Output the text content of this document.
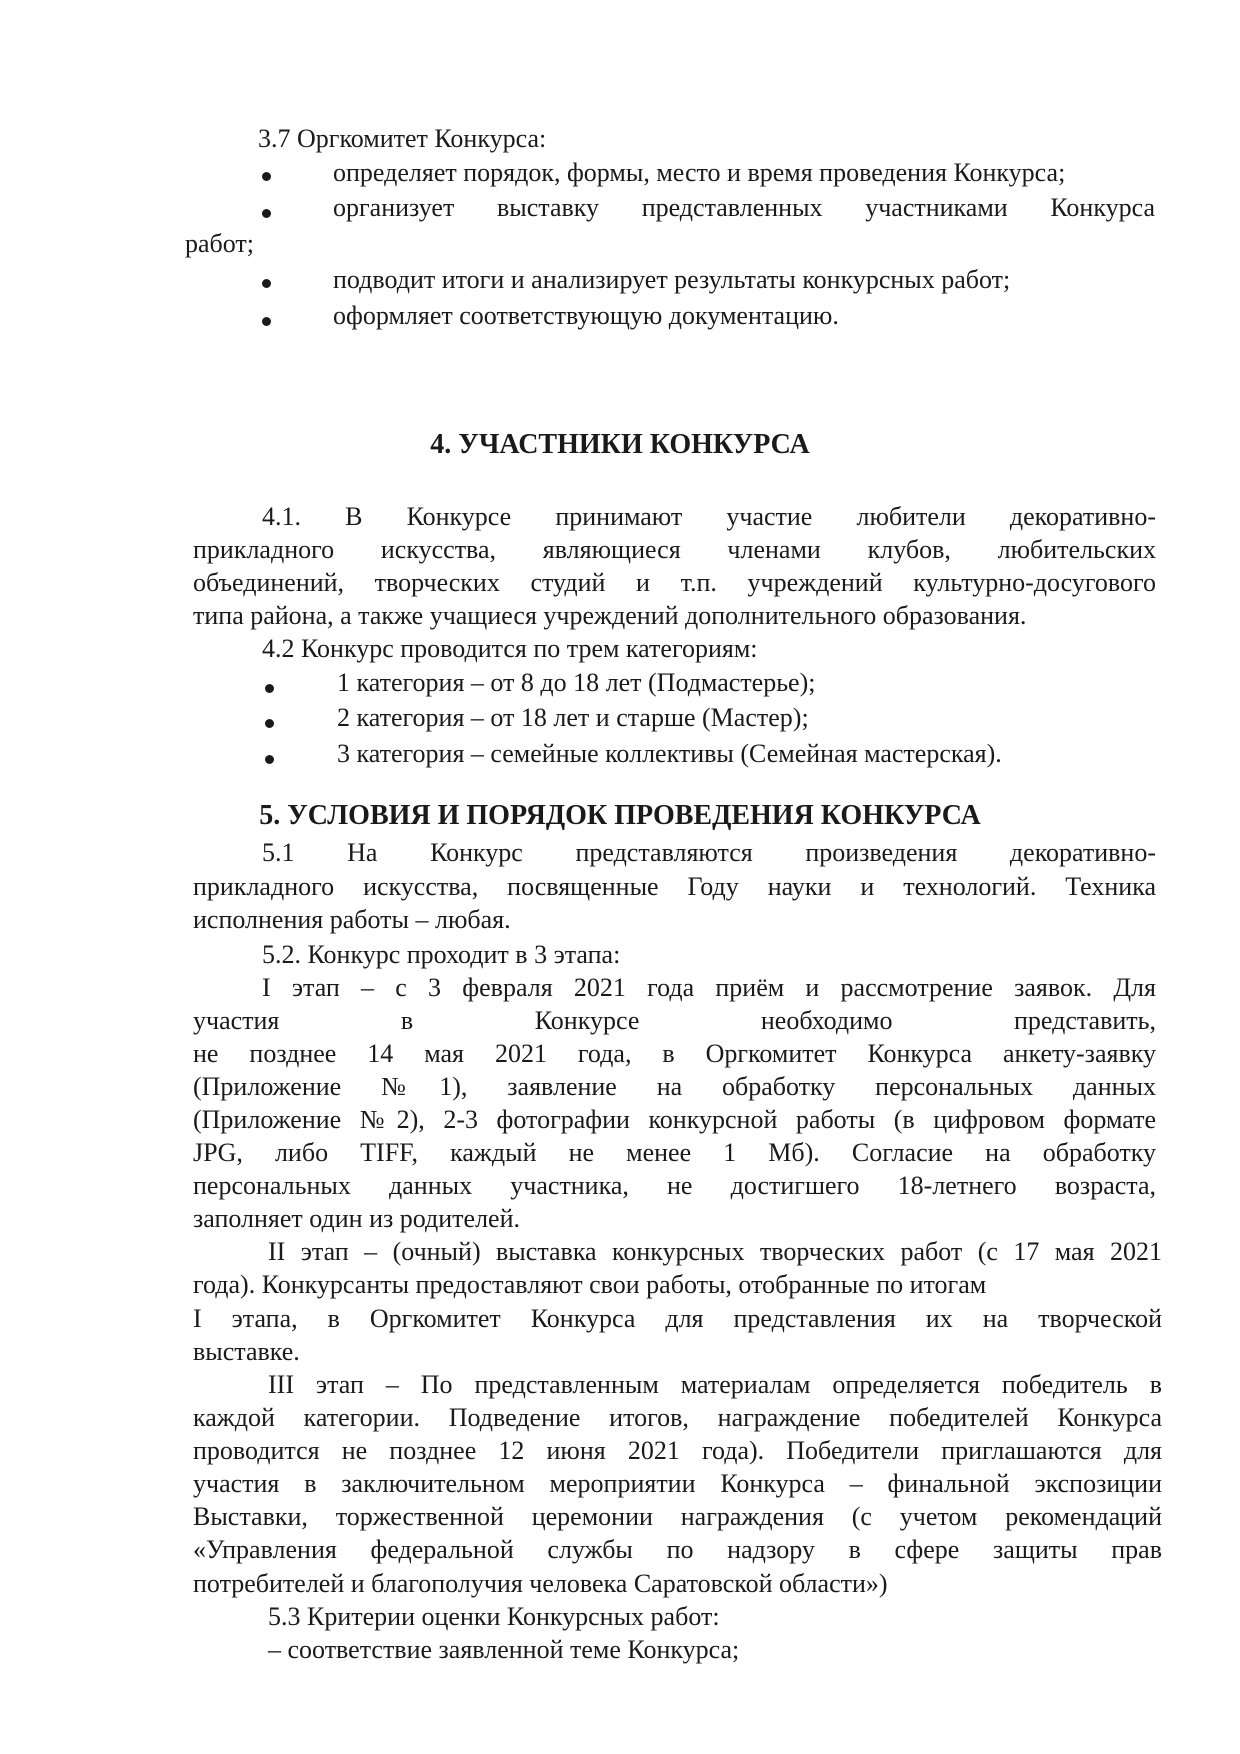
3.7 Оргкомитет Конкурса:
определяет порядок, формы, место и время проведения Конкурса;
организует выставку представленных участниками Конкурса
работ;
подводит итоги и анализирует результаты конкурсных работ;
оформляет соответствующую документацию.
4. УЧАСТНИКИ КОНКУРСА
4.1. В Конкурсе принимают участие любители декоративно-
прикладного искусства, являющиеся членами клубов, любительских
объединений, творческих студий и т.п. учреждений культурно-досугового
типа района, а также учащиеся учреждений дополнительного образования.
4.2 Конкурс проводится по трем категориям:
1 категория – от 8 до 18 лет (Подмастерье);
2 категория – от 18 лет и старше (Мастер);
3 категория – семейные коллективы (Семейная мастерская).
5. УСЛОВИЯ И ПОРЯДОК ПРОВЕДЕНИЯ КОНКУРСА
5.1 На Конкурс представляются произведения декоративно-
прикладного искусства, посвященные Году науки и технологий. Техника
исполнения работы – любая.
5.2. Конкурс проходит в 3 этапа:
I этап – с 3 февраля 2021 года приём и рассмотрение заявок. Для
участия в Конкурсе необходимо представить,
не позднее 14 мая 2021 года, в Оргкомитет Конкурса анкету-заявку
(Приложение №1), заявление на обработку персональных данных
(Приложение №2), 2-3 фотографии конкурсной работы (в цифровом формате
JPG, либо TIFF, каждый не менее 1 Мб). Согласие на обработку
персональных данных участника, не достигшего 18-летнего возраста,
заполняет один из родителей.
II этап – (очный) выставка конкурсных творческих работ (с 17 мая 2021
года). Конкурсанты предоставляют свои работы, отобранные по итогам
I этапа, в Оргкомитет Конкурса для представления их на творческой
выставке.
III этап – По представленным материалам определяется победитель в
каждой категории. Подведение итогов, награждение победителей Конкурса
проводится не позднее 12 июня 2021 года). Победители приглашаются для
участия в заключительном мероприятии Конкурса – финальной экспозиции
Выставки, торжественной церемонии награждения (с учетом рекомендаций
«Управления федеральной службы по надзору в сфере защиты прав
потребителей и благополучия человека Саратовской области»)
5.3 Критерии оценки Конкурсных работ:
– соответствие заявленной теме Конкурса;
